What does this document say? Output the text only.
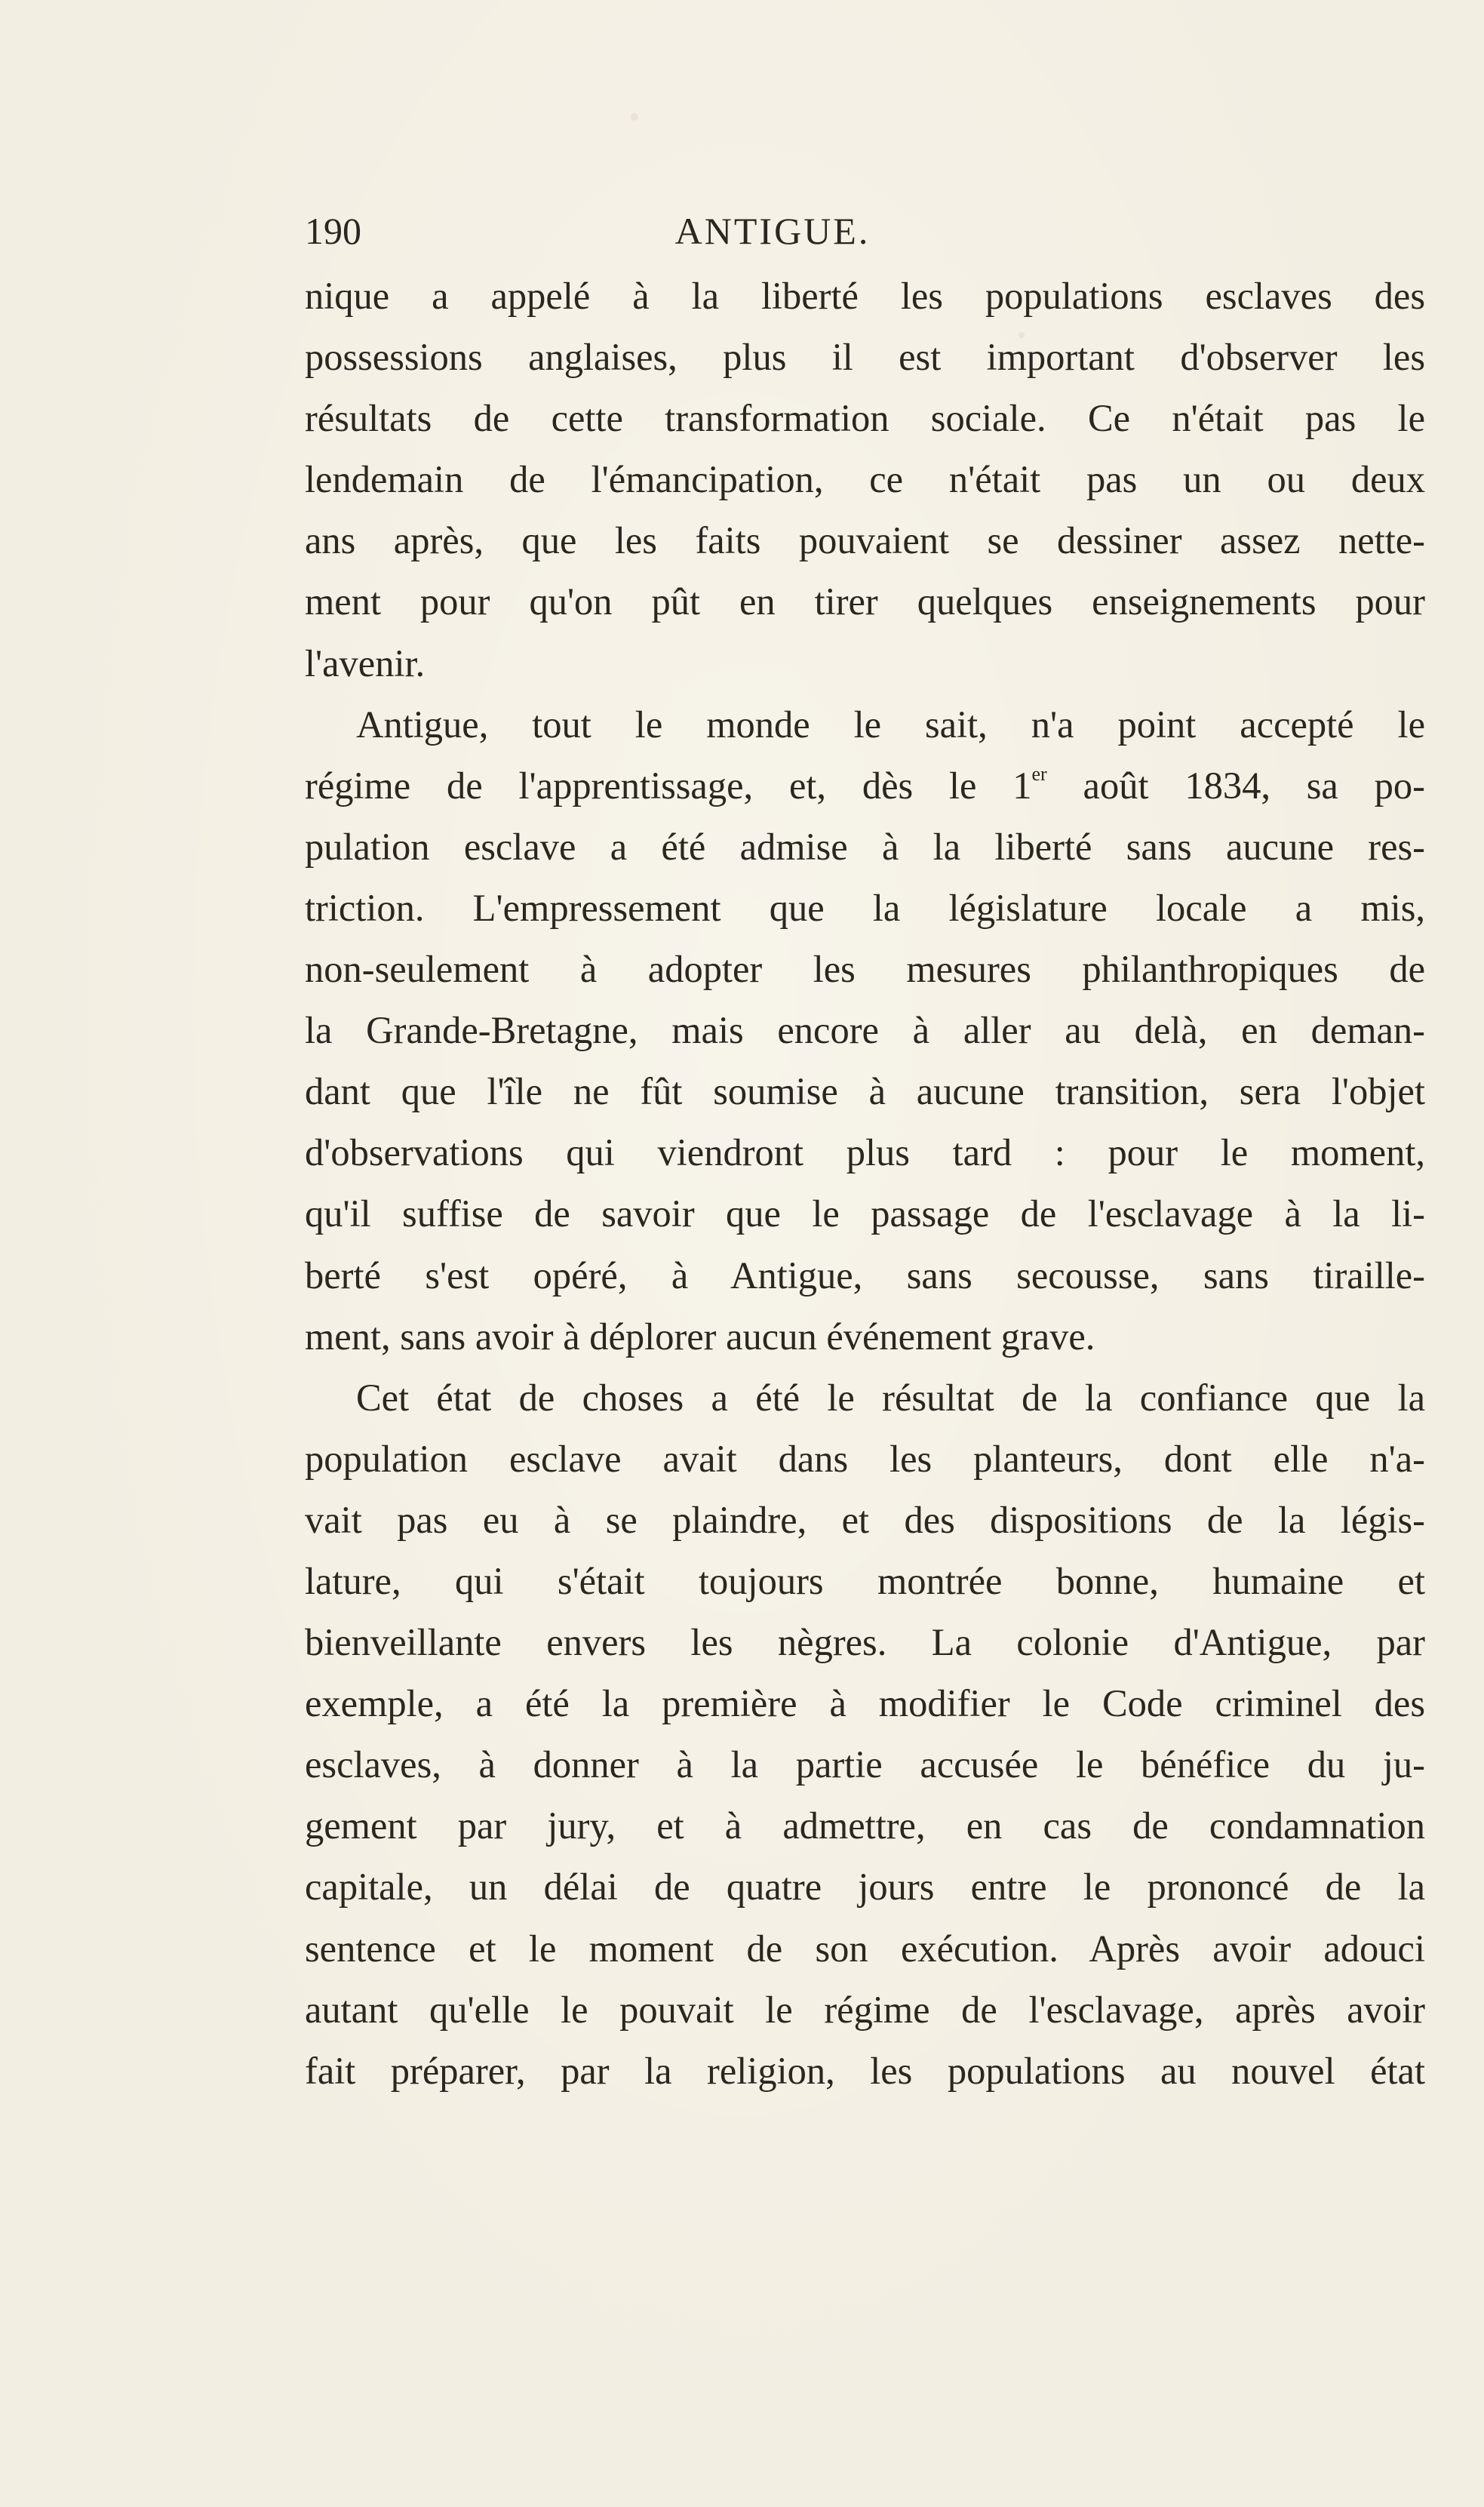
190	ANTIGUE.
nique a appelé à la liberté les populations esclaves des
possessions anglaises, plus il est important d'observer les
résultats de cette transformation sociale. Ce n'était pas le
lendemain de l'émancipation, ce n'était pas un ou deux
ans après, que les faits pouvaient se dessiner assez nette-
ment pour qu'on pût en tirer quelques enseignements pour
l'avenir.
Antigue, tout le monde le sait, n'a point accepté le
régime de l'apprentissage, et, dès le 1er août 1834, sa po-
pulation esclave a été admise à la liberté sans aucune res-
triction. L'empressement que la législature locale a mis,
non-seulement à adopter les mesures philanthropiques de
la Grande-Bretagne, mais encore à aller au delà, en deman-
dant que l'île ne fût soumise à aucune transition, sera l'objet
d'observations qui viendront plus tard : pour le moment,
qu'il suffise de savoir que le passage de l'esclavage à la li-
berté s'est opéré, à Antigue, sans secousse, sans tiraille-
ment, sans avoir à déplorer aucun événement grave.
Cet état de choses a été le résultat de la confiance que la
population esclave avait dans les planteurs, dont elle n'a-
vait pas eu à se plaindre, et des dispositions de la légis-
lature, qui s'était toujours montrée bonne, humaine et
bienveillante envers les nègres. La colonie d'Antigue, par
exemple, a été la première à modifier le Code criminel des
esclaves, à donner à la partie accusée le bénéfice du ju-
gement par jury, et à admettre, en cas de condamnation
capitale, un délai de quatre jours entre le prononcé de la
sentence et le moment de son exécution. Après avoir adouci
autant qu'elle le pouvait le régime de l'esclavage, après avoir
fait préparer, par la religion, les populations au nouvel état
